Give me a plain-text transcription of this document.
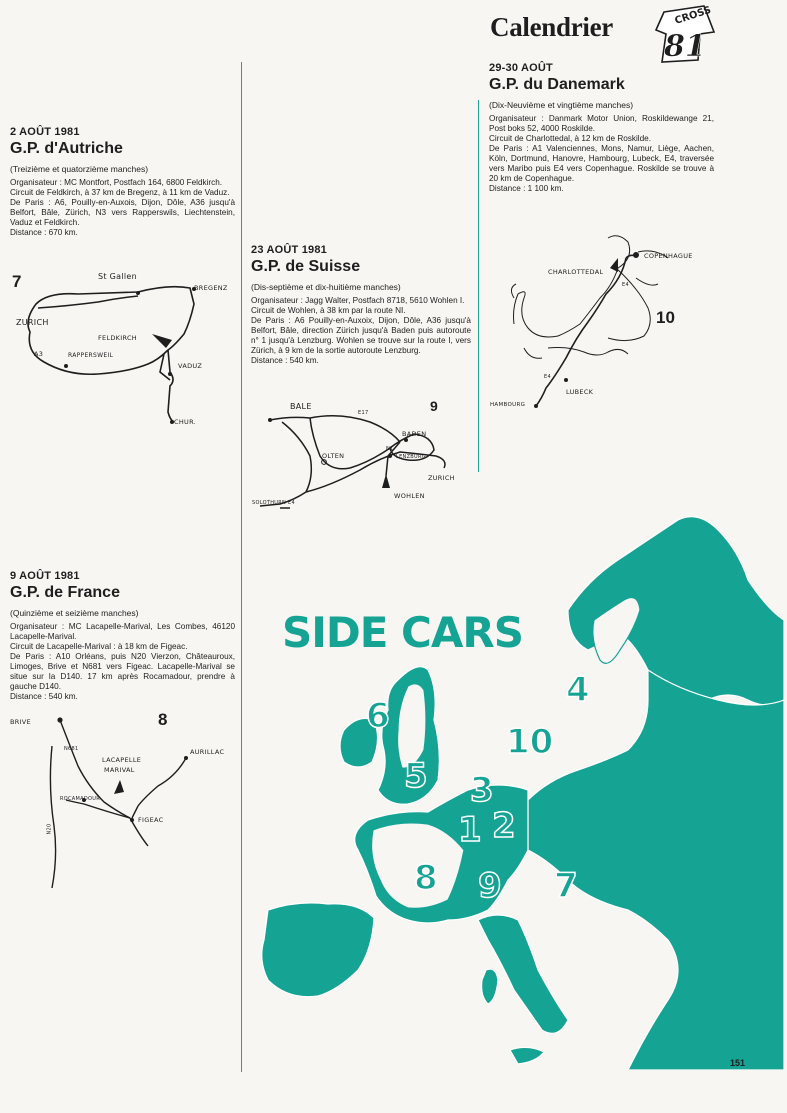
Calendrier	CROSS
81
2 AOÛT 1981
G.P. d'Autriche
(Treizième et quatorzième manches)

Organisateur : MC Montfort, Postfach 164, 6800 Feldkirch.

Circuit de Feldkirch, à 37 km de Bregenz, à 11 km de Vaduz.

De Paris : A6, Pouilly-en-Auxois, Dijon, Dôle, A36 jusqu'à Belfort, Bâle, Zürich, N3 vers Rapperswils, Liechtenstein, Vaduz et Feldkirch.

Distance : 670 km.

7	St Gallen
BREGENZ
ZURICH
FELDKIRCH
A3	RAPPERSWEIL
VADUZ
CHUR.
23 AOÛT 1981
G.P. de Suisse
(Dis-septième et dix-huitième manches)

Organisateur : Jagg Walter, Postfach 8718, 5610 Wohlen I.

Circuit de Wohlen, à 38 km par la route NI.

De Paris : A6 Pouilly-en-Auxoix, Dijon, Dôle, A36 jusqu'à Belfort, Bâle, direction Zürich jusqu'à Baden puis autoroute n° 1 jusqu'à Lenzburg. Wohlen se trouve sur la route I, vers Zürich, à 9 km de la sortie autoroute Lenzburg.

Distance : 540 km.

9
BALE
E17
BADEN
N1
LENZBURG
OLTEN
ZURICH
WOHLEN
SOLOTHURN E4
29-30 AOÛT
G.P. du Danemark
(Dix-Neuvième et vingtième manches)

Organisateur : Danmark Motor Union, Roskildewange 21, Post boks 52, 4000 Roskilde.

Circuit de Charlottedal, à 12 km de Roskilde.

De Paris : A1 Valenciennes, Mons, Namur, Liège, Aachen, Köln, Dortmund, Hanovre, Hambourg, Lubeck, E4, traversée vers Maribo puis E4 vers Copenhague. Roskilde se trouve à 20 km de Copenhague.

Distance : 1 100 km.

10
CHARLOTTEDAL
COPENHAGUE
E4
E4
LUBECK
HAMBOURG
9 AOÛT 1981
G.P. de France
(Quinzième et seizième manches)

Organisateur : MC Lacapelle-Marival, Les Combes, 46120 Lacapelle-Marival.

Circuit de Lacapelle-Marival : à 18 km de Figeac.

De Paris : A10 Orléans, puis N20 Vierzon, Châteauroux, Limoges, Brive et N681 vers Figeac. Lacapelle-Marival se situe sur la D140. 17 km après Rocamadour, prendre à gauche D140.

Distance : 540 km.

8
BRIVE
N681
LACAPELLE
MARIVAL
AURILLAC
ROCAMADOUR
N20
FIGEAC
SIDE CARS
6
4
10
5 3
1 2
8 9 7
151
